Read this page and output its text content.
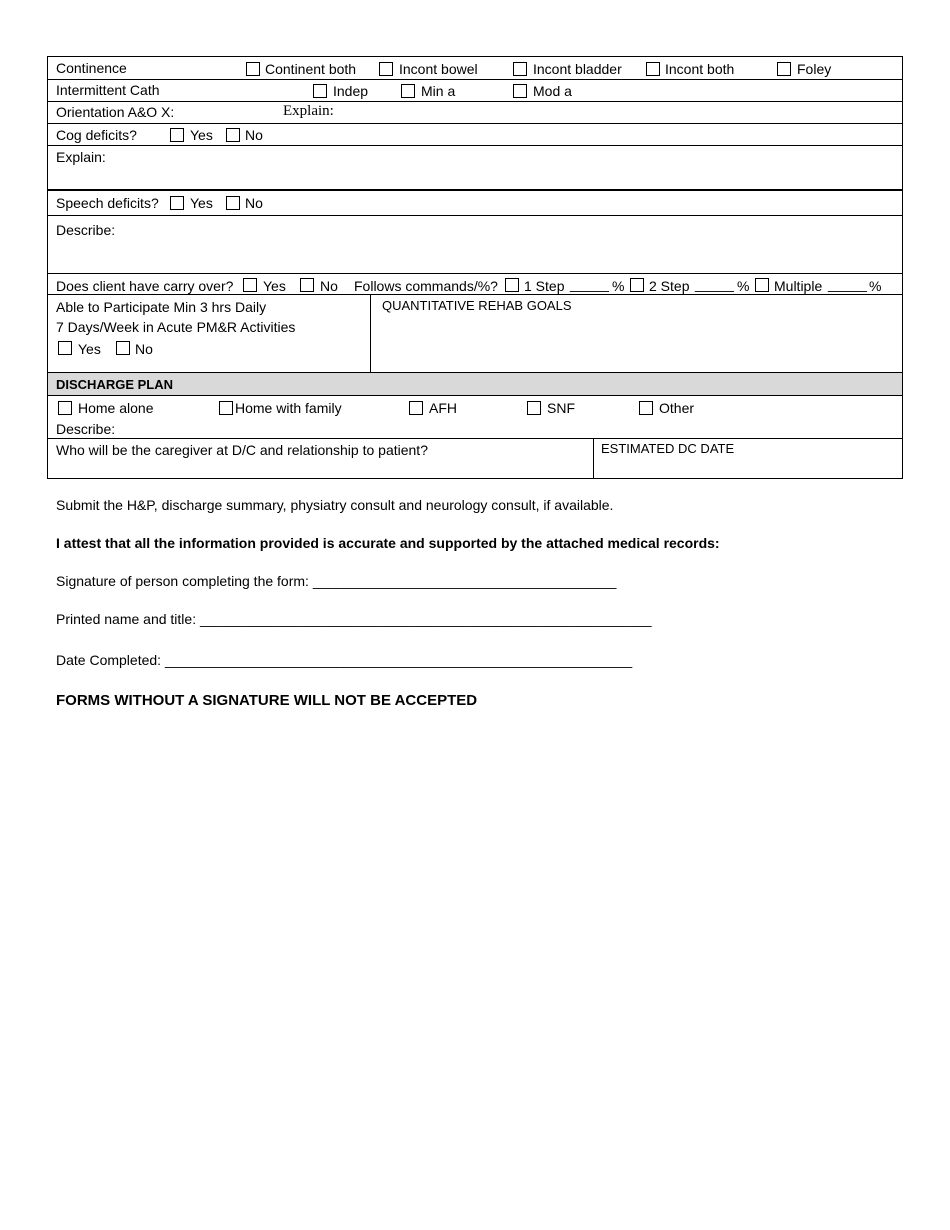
Continence	Continent both	Incont bowel	Incont bladder	Incont both	Foley
Intermittent Cath	Indep	Min a	Mod a
Orientation A&O X:	Explain:
Cog deficits?	Yes No
Explain:
Speech deficits? Yes No
Describe:
Does client have carry over? Yes No Follows commands/%? 1 Step _____ % 2 Step _____ % Multiple _____ %
Able to Participate Min 3 hrs Daily
7 Days/Week in Acute PM&R Activities
Yes No
QUANTITATIVE REHAB GOALS
DISCHARGE PLAN
Home alone	Home with family	AFH	SNF	Other
Describe:
Who will be the caregiver at D/C and relationship to patient?	ESTIMATED DC DATE
Submit the H&P, discharge summary, physiatry consult and neurology consult, if available.
I attest that all the information provided is accurate and supported by the attached medical records:
Signature of person completing the form: _______________________________________
Printed name and title: __________________________________________________________
Date Completed: ____________________________________________________________
FORMS WITHOUT A SIGNATURE WILL NOT BE ACCEPTED
